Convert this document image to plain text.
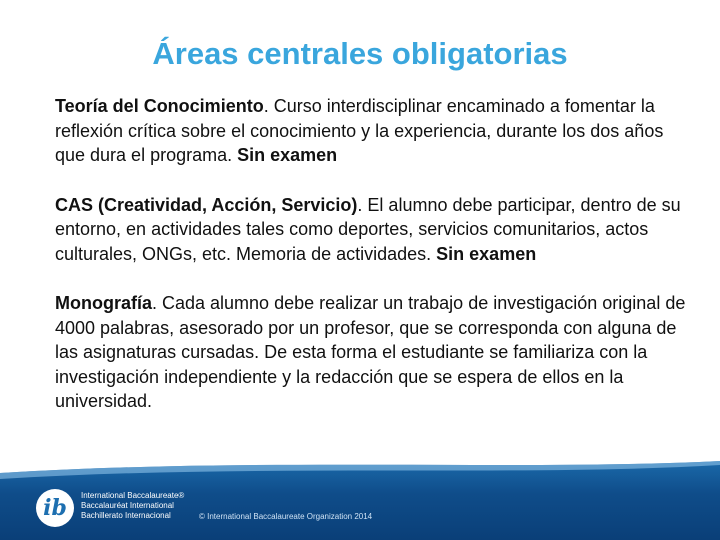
Áreas centrales obligatorias

Teoría del Conocimiento. Curso interdisciplinar encaminado a fomentar la reflexión crítica sobre el conocimiento y la experiencia, durante los dos años que dura el programa. Sin examen

CAS (Creatividad, Acción, Servicio). El alumno debe participar, dentro de su entorno, en actividades tales como deportes, servicios comunitarios, actos culturales, ONGs, etc. Memoria de actividades. Sin examen

Monografía. Cada alumno debe realizar un trabajo de investigación original de 4000 palabras, asesorado por un profesor, que se corresponda con alguna de las asignaturas cursadas. De esta forma el estudiante se familiariza con la investigación independiente y la redacción que se espera de ellos en la universidad.

ib	International Baccalaureate®
Baccalauréat International
Bachillerato Internacional	© International Baccalaureate Organization 2014
